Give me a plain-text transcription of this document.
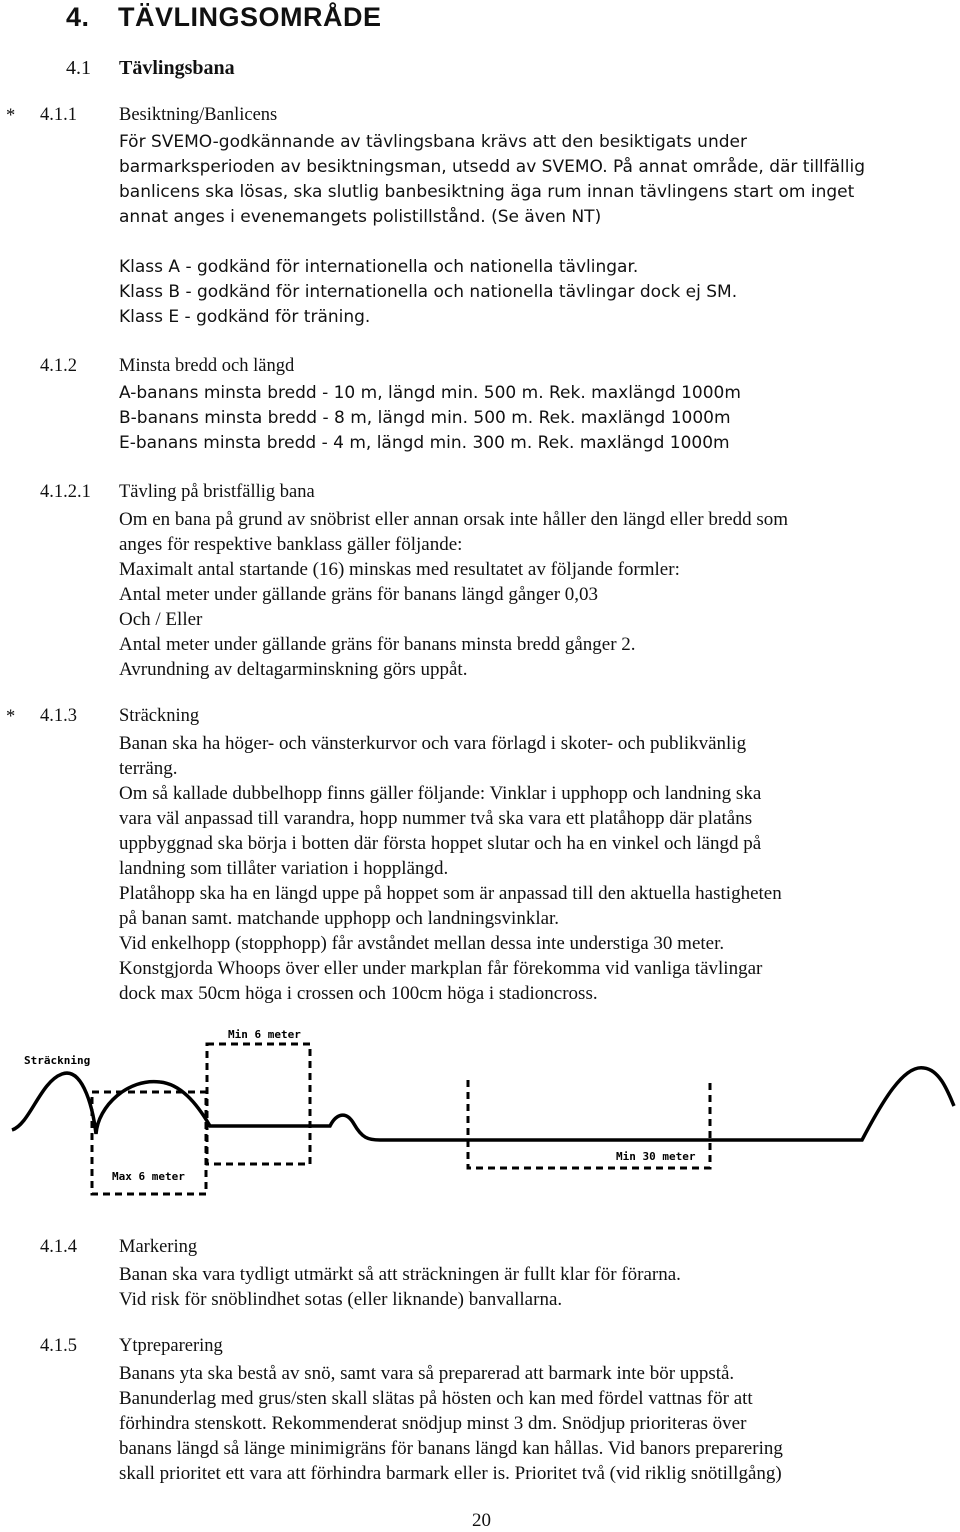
4. TÄVLINGSOMRÅDE
4.1 Tävlingsbana
* 4.1.1 Besiktning/Banlicens
För SVEMO-godkännande av tävlingsbana krävs att den besiktigats under
barmarksperioden av besiktningsman, utsedd av SVEMO. På annat område, där tillfällig
banlicens ska lösas, ska slutlig banbesiktning äga rum innan tävlingens start om inget
annat anges i evenemangets polistillstånd. (Se även NT)
Klass A - godkänd för internationella och nationella tävlingar.
Klass B - godkänd för internationella och nationella tävlingar dock ej SM.
Klass E - godkänd för träning.
4.1.2 Minsta bredd och längd
A-banans minsta bredd - 10 m, längd min. 500 m. Rek. maxlängd 1000m
B-banans minsta bredd - 8 m, längd min. 500 m. Rek. maxlängd 1000m
E-banans minsta bredd - 4 m, längd min. 300 m. Rek. maxlängd 1000m
4.1.2.1 Tävling på bristfällig bana
Om en bana på grund av snöbrist eller annan orsak inte håller den längd eller bredd som
anges för respektive banklass gäller följande:
Maximalt antal startande (16) minskas med resultatet av följande formler:
Antal meter under gällande gräns för banans längd gånger 0,03
Och / Eller
Antal meter under gällande gräns för banans minsta bredd gånger 2.
Avrundning av deltagarminskning görs uppåt.
* 4.1.3 Sträckning
Banan ska ha höger- och vänsterkurvor och vara förlagd i skoter- och publikvänlig
terräng.
Om så kallade dubbelhopp finns gäller följande: Vinklar i upphopp och landning ska
vara väl anpassad till varandra, hopp nummer två ska vara ett platåhopp där platåns
uppbyggnad ska börja i botten där första hoppet slutar och ha en vinkel och längd på
landning som tillåter variation i hopplängd.
Platåhopp ska ha en längd uppe på hoppet som är anpassad till den aktuella hastigheten
på banan samt. matchande upphopp och landningsvinklar.
Vid enkelhopp (stopphopp) får avståndet mellan dessa inte understiga 30 meter.
Konstgjorda Whoops över eller under markplan får förekomma vid vanliga tävlingar
dock max 50cm höga i crossen och 100cm höga i stadioncross.
Sträckning
Min 6 meter
Max 6 meter
Min 30 meter
4.1.4 Markering
Banan ska vara tydligt utmärkt så att sträckningen är fullt klar för förarna.
Vid risk för snöblindhet sotas (eller liknande) banvallarna.
4.1.5 Ytpreparering
Banans yta ska bestå av snö, samt vara så preparerad att barmark inte bör uppstå.
Banunderlag med grus/sten skall slätas på hösten och kan med fördel vattnas för att
förhindra stenskott. Rekommenderat snödjup minst 3 dm. Snödjup prioriteras över
banans längd så länge minimigräns för banans längd kan hållas. Vid banors preparering
skall prioritet ett vara att förhindra barmark eller is. Prioritet två (vid riklig snötillgång)
20
